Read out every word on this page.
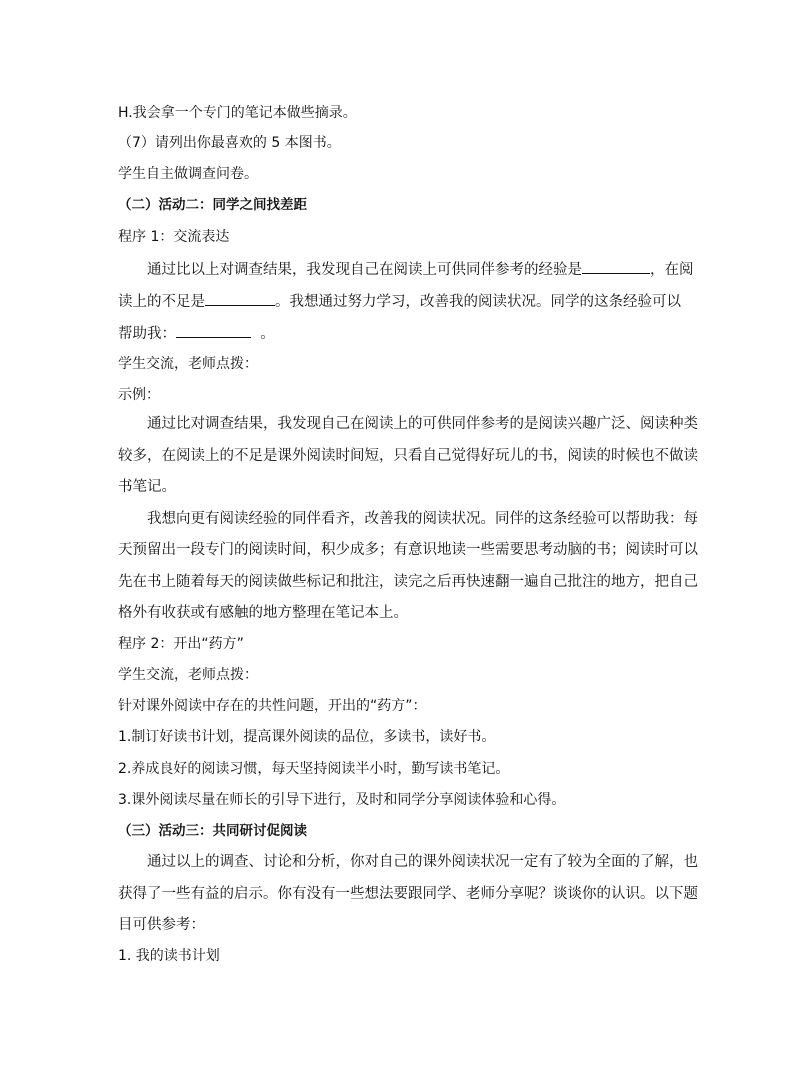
H.我会拿一个专门的笔记本做些摘录。

（7）请列出你最喜欢的 5 本图书。

学生自主做调查问卷。

（二）活动二：同学之间找差距

程序 1：交流表达

通过比以上对调查结果，我发现自己在阅读上可供同伴参考的经验是	，在阅

读上的不足是	。我想通过努力学习，改善我的阅读状况。同学的这条经验可以

帮助我：	。

学生交流，老师点拨：

示例：

通过比对调查结果，我发现自己在阅读上的可供同伴参考的是阅读兴趣广泛、阅读种类

较多，在阅读上的不足是课外阅读时间短，只看自己觉得好玩儿的书，阅读的时候也不做读

书笔记。

我想向更有阅读经验的同伴看齐，改善我的阅读状况。同伴的这条经验可以帮助我：每

天预留出一段专门的阅读时间，积少成多；有意识地读一些需要思考动脑的书；阅读时可以

先在书上随着每天的阅读做些标记和批注，读完之后再快速翻一遍自己批注的地方，把自己

格外有收获或有感触的地方整理在笔记本上。

程序 2：开出“药方”

学生交流，老师点拨：

针对课外阅读中存在的共性问题，开出的“药方”：

1.制订好读书计划，提高课外阅读的品位，多读书，读好书。

2.养成良好的阅读习惯，每天坚持阅读半小时，勤写读书笔记。

3.课外阅读尽量在师长的引导下进行，及时和同学分享阅读体验和心得。

（三）活动三：共同研讨促阅读

通过以上的调查、讨论和分析，你对自己的课外阅读状况一定有了较为全面的了解，也

获得了一些有益的启示。你有没有一些想法要跟同学、老师分享呢？谈谈你的认识。以下题

目可供参考：

1. 我的读书计划
